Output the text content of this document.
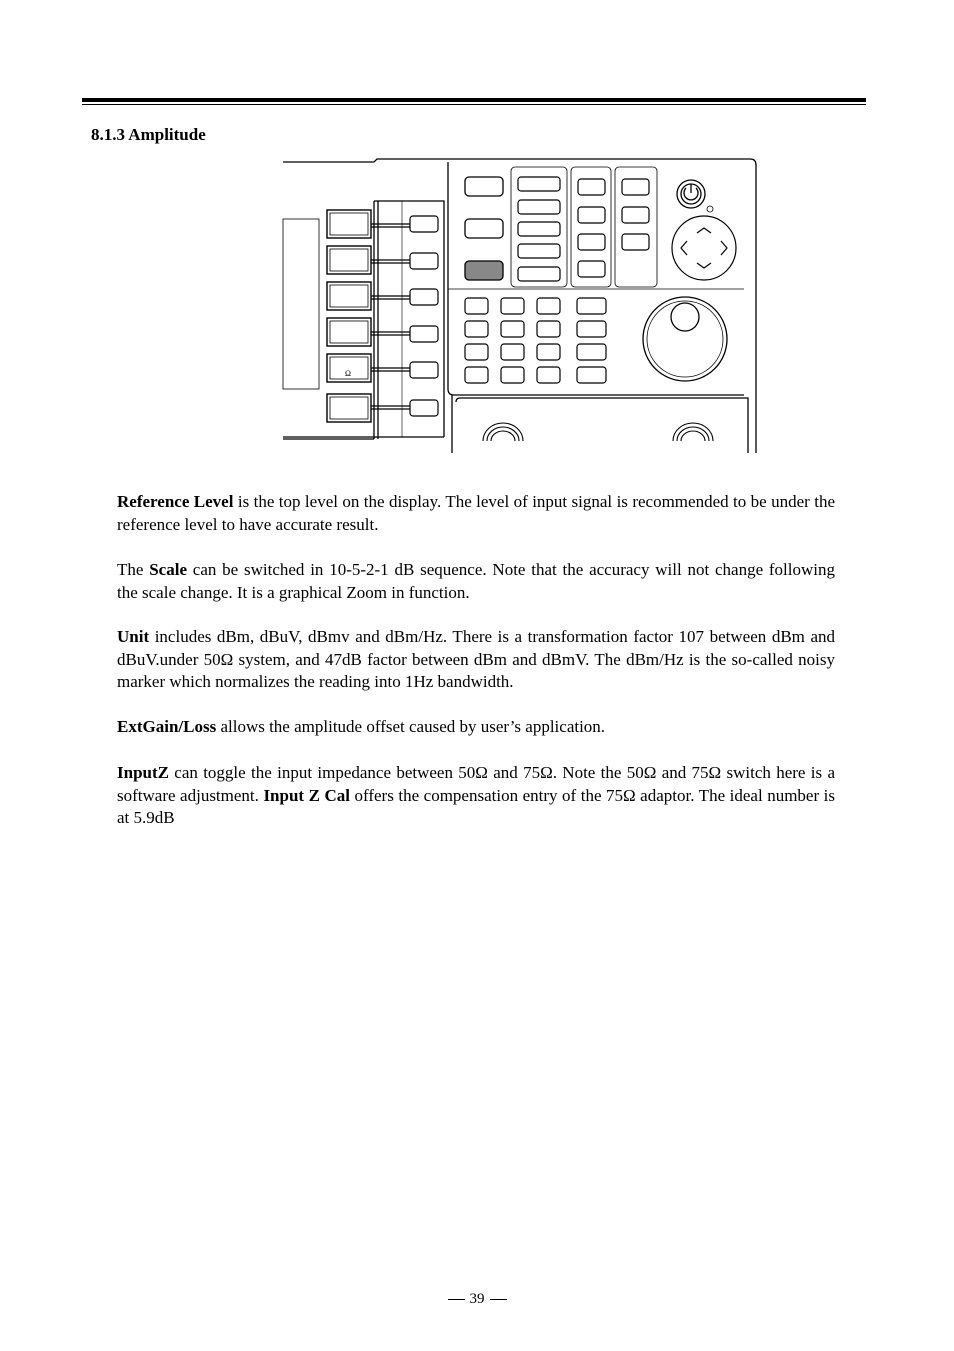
8.1.3 Amplitude
Ω

Reference Level is the top level on the display. The level of input signal is recommended to be under the reference level to have accurate result.

The Scale can be switched in 10-5-2-1 dB sequence. Note that the accuracy will not change following the scale change. It is a graphical Zoom in function.

Unit includes dBm, dBuV, dBmv and dBm/Hz. There is a transformation factor 107 between dBm and dBuV.under 50Ω system, and 47dB factor between dBm and dBmV. The dBm/Hz is the so-called noisy marker which normalizes the reading into 1Hz bandwidth.

ExtGain/Loss allows the amplitude offset caused by user’s application.

InputZ can toggle the input impedance between 50Ω and 75Ω. Note the 50Ω and 75Ω switch here is a software adjustment. Input Z Cal offers the compensation entry of the 75Ω adaptor. The ideal number is at 5.9dB

39
